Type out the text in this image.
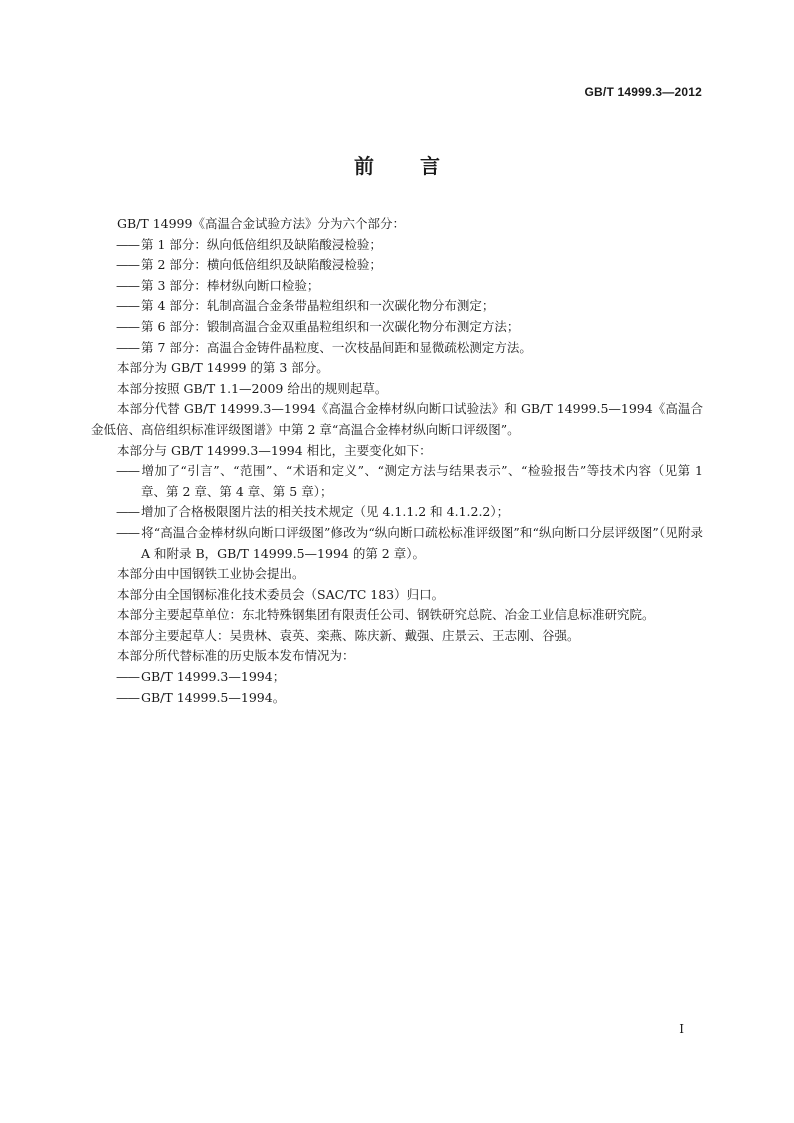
GB/T 14999.3—2012
前言

GB/T 14999《高温合金试验方法》分为六个部分：

—— 第 1 部分：纵向低倍组织及缺陷酸浸检验；

—— 第 2 部分：横向低倍组织及缺陷酸浸检验；

—— 第 3 部分：棒材纵向断口检验；

—— 第 4 部分：轧制高温合金条带晶粒组织和一次碳化物分布测定；

—— 第 6 部分：锻制高温合金双重晶粒组织和一次碳化物分布测定方法；

—— 第 7 部分：高温合金铸件晶粒度、一次枝晶间距和显微疏松测定方法。

本部分为 GB/T 14999 的第 3 部分。

本部分按照 GB/T 1.1—2009 给出的规则起草。

本部分代替 GB/T 14999.3—1994《高温合金棒材纵向断口试验法》和 GB/T 14999.5—1994《高温合金低倍、高倍组织标准评级图谱》中第 2 章“高温合金棒材纵向断口评级图”。

本部分与 GB/T 14999.3—1994 相比，主要变化如下：

—— 增加了“引言”、“范围”、“术语和定义”、“测定方法与结果表示”、“检验报告”等技术内容（见第 1 章、第 2 章、第 4 章、第 5 章）；

—— 增加了合格极限图片法的相关技术规定（见 4.1.1.2 和 4.1.2.2）；

—— 将“高温合金棒材纵向断口评级图”修改为“纵向断口疏松标准评级图”和“纵向断口分层评级图”（见附录 A 和附录 B，GB/T 14999.5—1994 的第 2 章）。

本部分由中国钢铁工业协会提出。

本部分由全国钢标准化技术委员会（SAC/TC 183）归口。

本部分主要起草单位：东北特殊钢集团有限责任公司、钢铁研究总院、冶金工业信息标准研究院。

本部分主要起草人：吴贵林、袁英、栾燕、陈庆新、戴强、庄景云、王志刚、谷强。

本部分所代替标准的历史版本发布情况为：

—— GB/T 14999.3—1994；

—— GB/T 14999.5—1994。

I
